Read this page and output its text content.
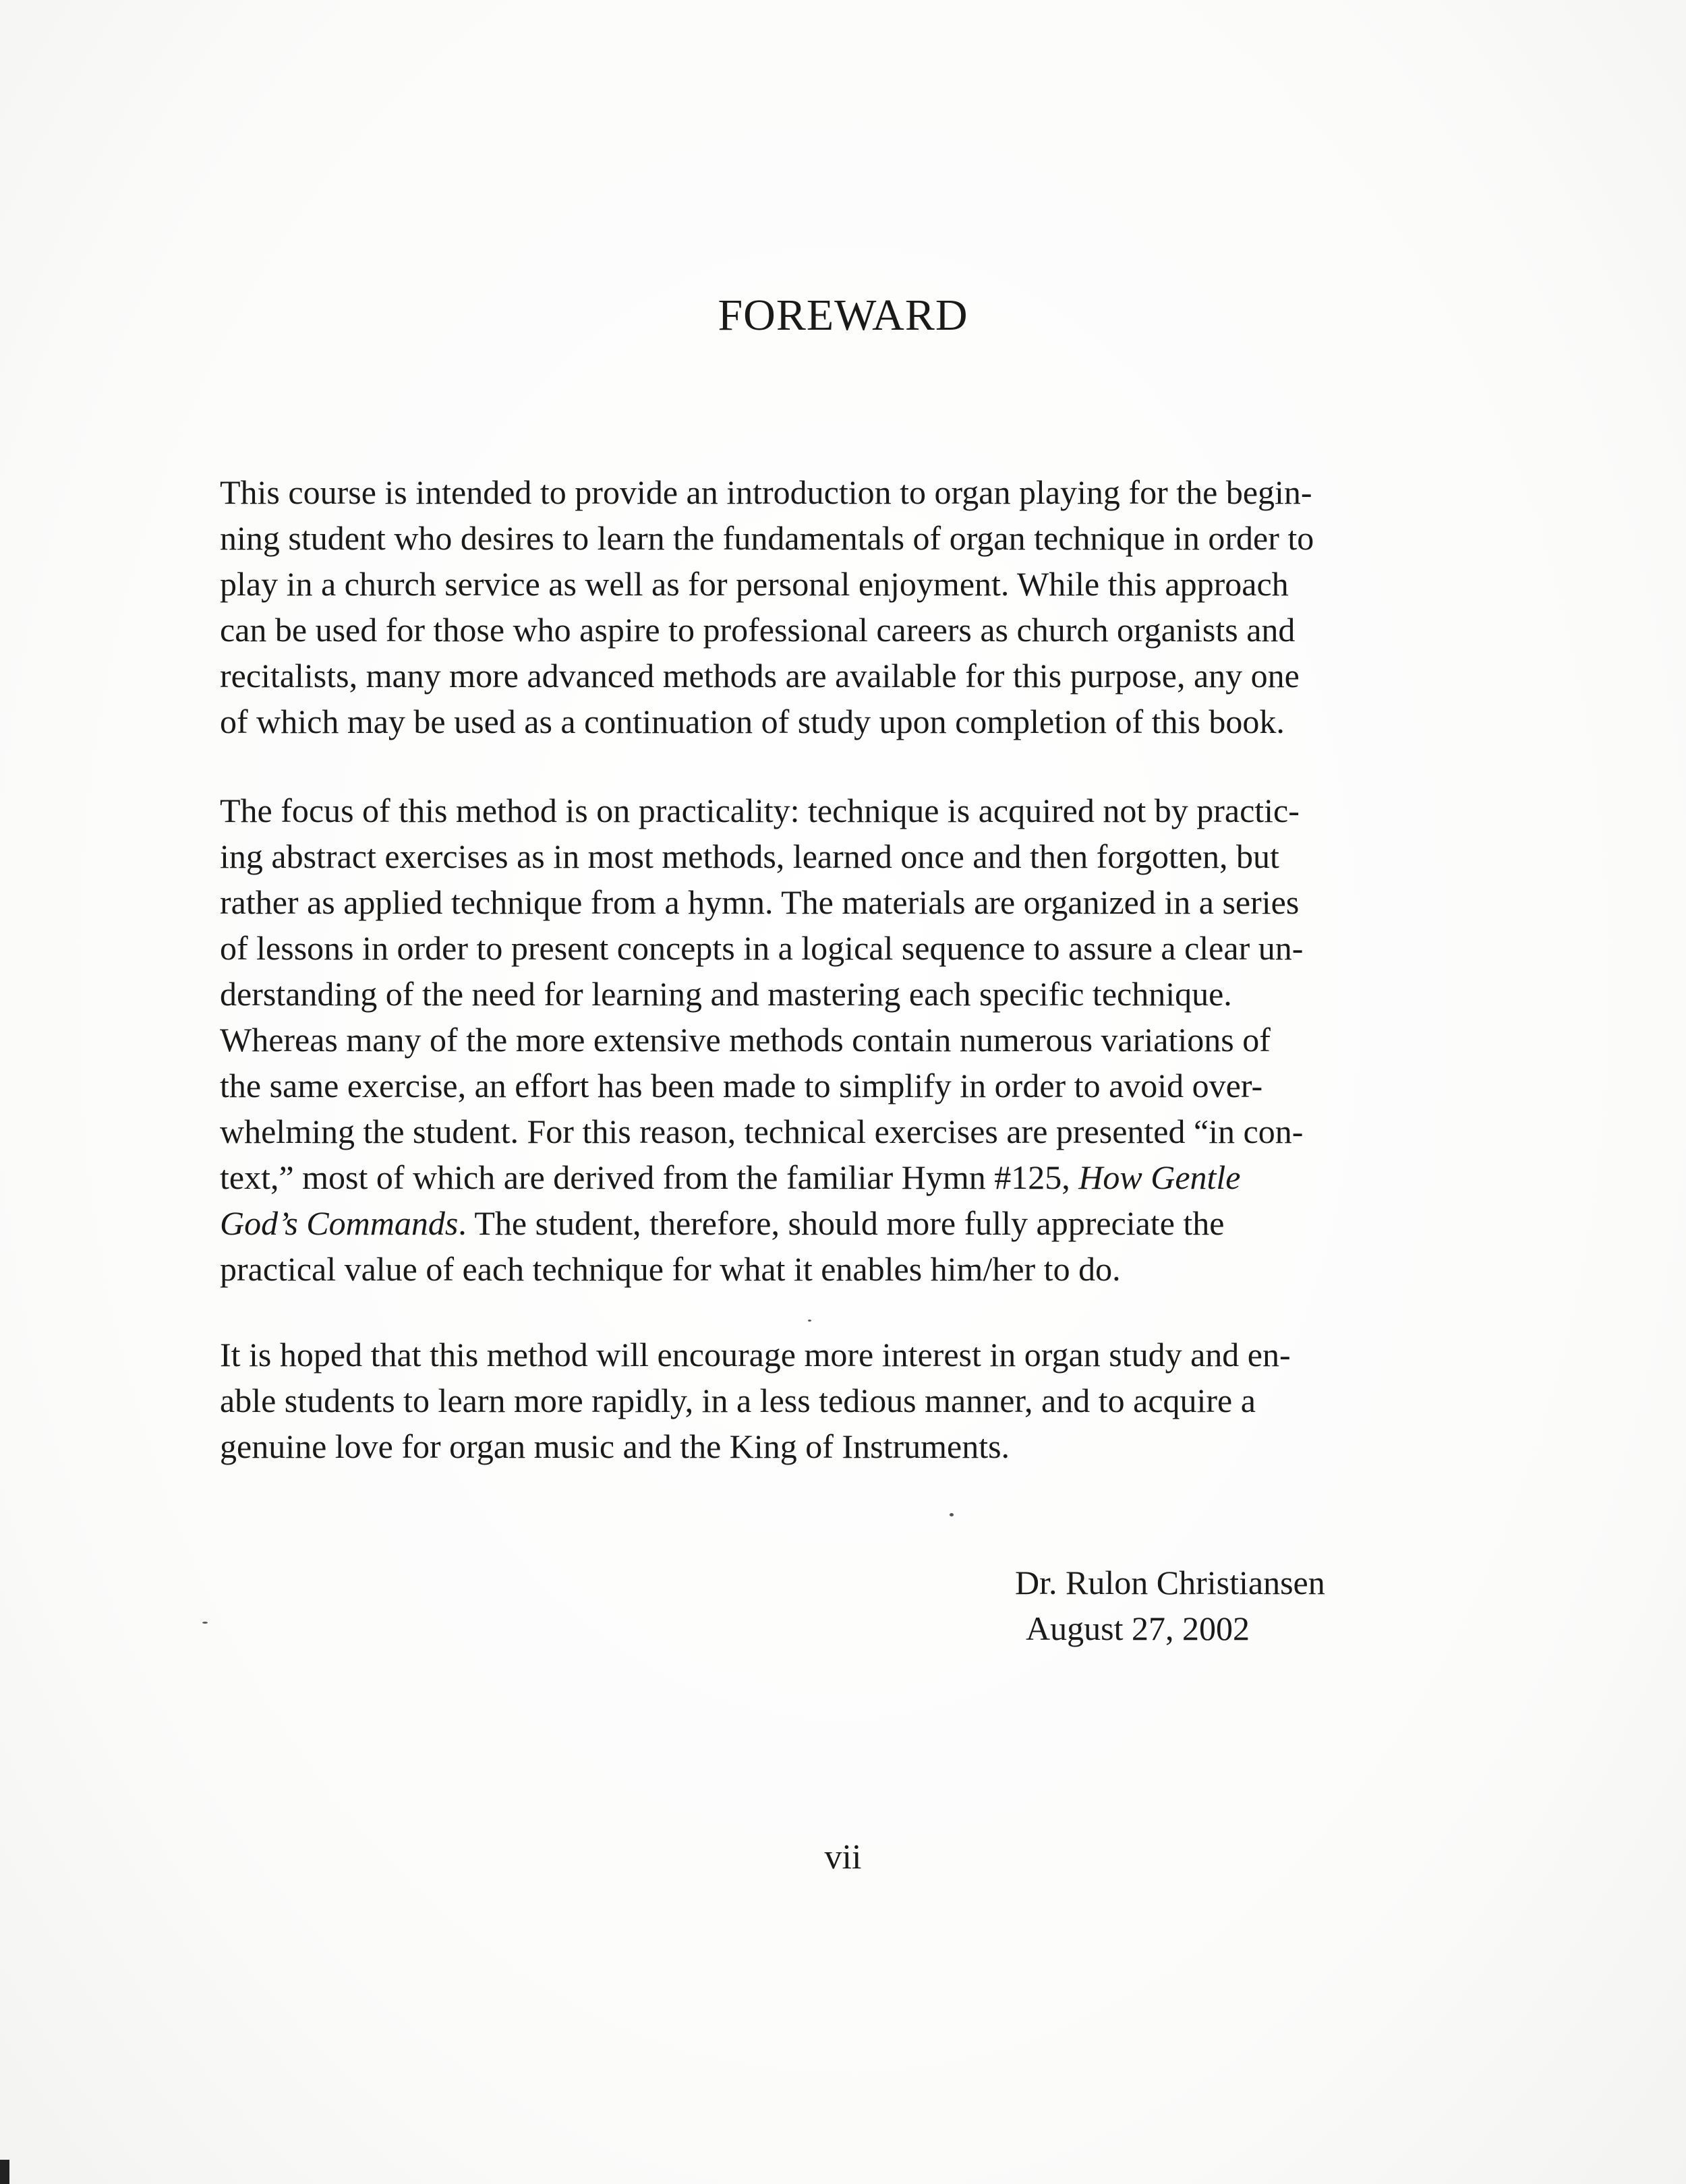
FOREWARD
This course is intended to provide an introduction to organ playing for the begin-
ning student who desires to learn the fundamentals of organ technique in order to
play in a church service as well as for personal enjoyment. While this approach
can be used for those who aspire to professional careers as church organists and
recitalists, many more advanced methods are available for this purpose, any one
of which may be used as a continuation of study upon completion of this book.
The focus of this method is on practicality: technique is acquired not by practic-
ing abstract exercises as in most methods, learned once and then forgotten, but
rather as applied technique from a hymn. The materials are organized in a series
of lessons in order to present concepts in a logical sequence to assure a clear un-
derstanding of the need for learning and mastering each specific technique.
Whereas many of the more extensive methods contain numerous variations of
the same exercise, an effort has been made to simplify in order to avoid over-
whelming the student. For this reason, technical exercises are presented “in con-
text,” most of which are derived from the familiar Hymn #125, How Gentle
God’s Commands. The student, therefore, should more fully appreciate the
practical value of each technique for what it enables him/her to do.
It is hoped that this method will encourage more interest in organ study and en-
able students to learn more rapidly, in a less tedious manner, and to acquire a
genuine love for organ music and the King of Instruments.
Dr. Rulon Christiansen
August 27, 2002
vii
